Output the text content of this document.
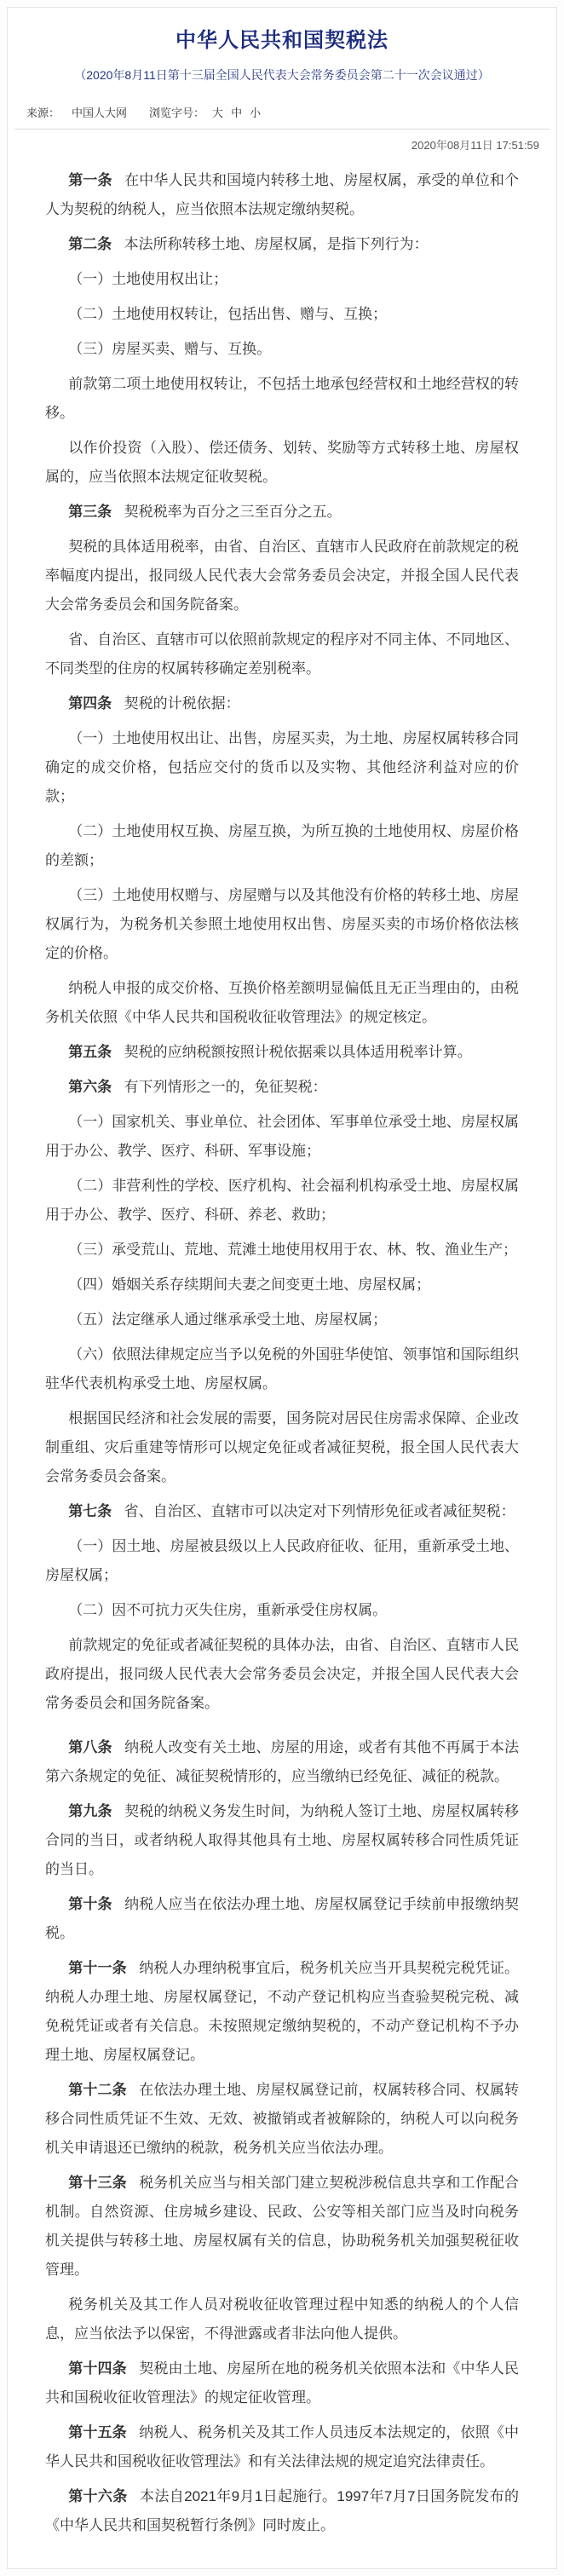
中华人民共和国契税法
（2020年8月11日第十三届全国人民代表大会常务委员会第二十一次会议通过）
来源： 中国人大网 浏览字号： 大 中 小
2020年08月11日 17:51:59

第一条 在中华人民共和国境内转移土地、房屋权属，承受的单位和个人为契税的纳税人，应当依照本法规定缴纳契税。

第二条 本法所称转移土地、房屋权属，是指下列行为：

（一）土地使用权出让；

（二）土地使用权转让，包括出售、赠与、互换；

（三）房屋买卖、赠与、互换。

前款第二项土地使用权转让，不包括土地承包经营权和土地经营权的转移。

以作价投资（入股）、偿还债务、划转、奖励等方式转移土地、房屋权属的，应当依照本法规定征收契税。

第三条 契税税率为百分之三至百分之五。

契税的具体适用税率，由省、自治区、直辖市人民政府在前款规定的税率幅度内提出，报同级人民代表大会常务委员会决定，并报全国人民代表大会常务委员会和国务院备案。

省、自治区、直辖市可以依照前款规定的程序对不同主体、不同地区、不同类型的住房的权属转移确定差别税率。

第四条 契税的计税依据：

（一）土地使用权出让、出售，房屋买卖，为土地、房屋权属转移合同确定的成交价格，包括应交付的货币以及实物、其他经济利益对应的价款；

（二）土地使用权互换、房屋互换，为所互换的土地使用权、房屋价格的差额；

（三）土地使用权赠与、房屋赠与以及其他没有价格的转移土地、房屋权属行为，为税务机关参照土地使用权出售、房屋买卖的市场价格依法核定的价格。

纳税人申报的成交价格、互换价格差额明显偏低且无正当理由的，由税务机关依照《中华人民共和国税收征收管理法》的规定核定。

第五条 契税的应纳税额按照计税依据乘以具体适用税率计算。

第六条 有下列情形之一的，免征契税：

（一）国家机关、事业单位、社会团体、军事单位承受土地、房屋权属用于办公、教学、医疗、科研、军事设施；

（二）非营利性的学校、医疗机构、社会福利机构承受土地、房屋权属用于办公、教学、医疗、科研、养老、救助；

（三）承受荒山、荒地、荒滩土地使用权用于农、林、牧、渔业生产；

（四）婚姻关系存续期间夫妻之间变更土地、房屋权属；

（五）法定继承人通过继承承受土地、房屋权属；

（六）依照法律规定应当予以免税的外国驻华使馆、领事馆和国际组织驻华代表机构承受土地、房屋权属。

根据国民经济和社会发展的需要，国务院对居民住房需求保障、企业改制重组、灾后重建等情形可以规定免征或者减征契税，报全国人民代表大会常务委员会备案。

第七条 省、自治区、直辖市可以决定对下列情形免征或者减征契税：

（一）因土地、房屋被县级以上人民政府征收、征用，重新承受土地、房屋权属；

（二）因不可抗力灭失住房，重新承受住房权属。

前款规定的免征或者减征契税的具体办法，由省、自治区、直辖市人民政府提出，报同级人民代表大会常务委员会决定，并报全国人民代表大会常务委员会和国务院备案。

第八条 纳税人改变有关土地、房屋的用途，或者有其他不再属于本法第六条规定的免征、减征契税情形的，应当缴纳已经免征、减征的税款。

第九条 契税的纳税义务发生时间，为纳税人签订土地、房屋权属转移合同的当日，或者纳税人取得其他具有土地、房屋权属转移合同性质凭证的当日。

第十条 纳税人应当在依法办理土地、房屋权属登记手续前申报缴纳契税。

第十一条 纳税人办理纳税事宜后，税务机关应当开具契税完税凭证。纳税人办理土地、房屋权属登记，不动产登记机构应当查验契税完税、减免税凭证或者有关信息。未按照规定缴纳契税的，不动产登记机构不予办理土地、房屋权属登记。

第十二条 在依法办理土地、房屋权属登记前，权属转移合同、权属转移合同性质凭证不生效、无效、被撤销或者被解除的，纳税人可以向税务机关申请退还已缴纳的税款，税务机关应当依法办理。

第十三条 税务机关应当与相关部门建立契税涉税信息共享和工作配合机制。自然资源、住房城乡建设、民政、公安等相关部门应当及时向税务机关提供与转移土地、房屋权属有关的信息，协助税务机关加强契税征收管理。

税务机关及其工作人员对税收征收管理过程中知悉的纳税人的个人信息，应当依法予以保密，不得泄露或者非法向他人提供。

第十四条 契税由土地、房屋所在地的税务机关依照本法和《中华人民共和国税收征收管理法》的规定征收管理。

第十五条 纳税人、税务机关及其工作人员违反本法规定的，依照《中华人民共和国税收征收管理法》和有关法律法规的规定追究法律责任。

第十六条 本法自2021年9月1日起施行。1997年7月7日国务院发布的《中华人民共和国契税暂行条例》同时废止。
